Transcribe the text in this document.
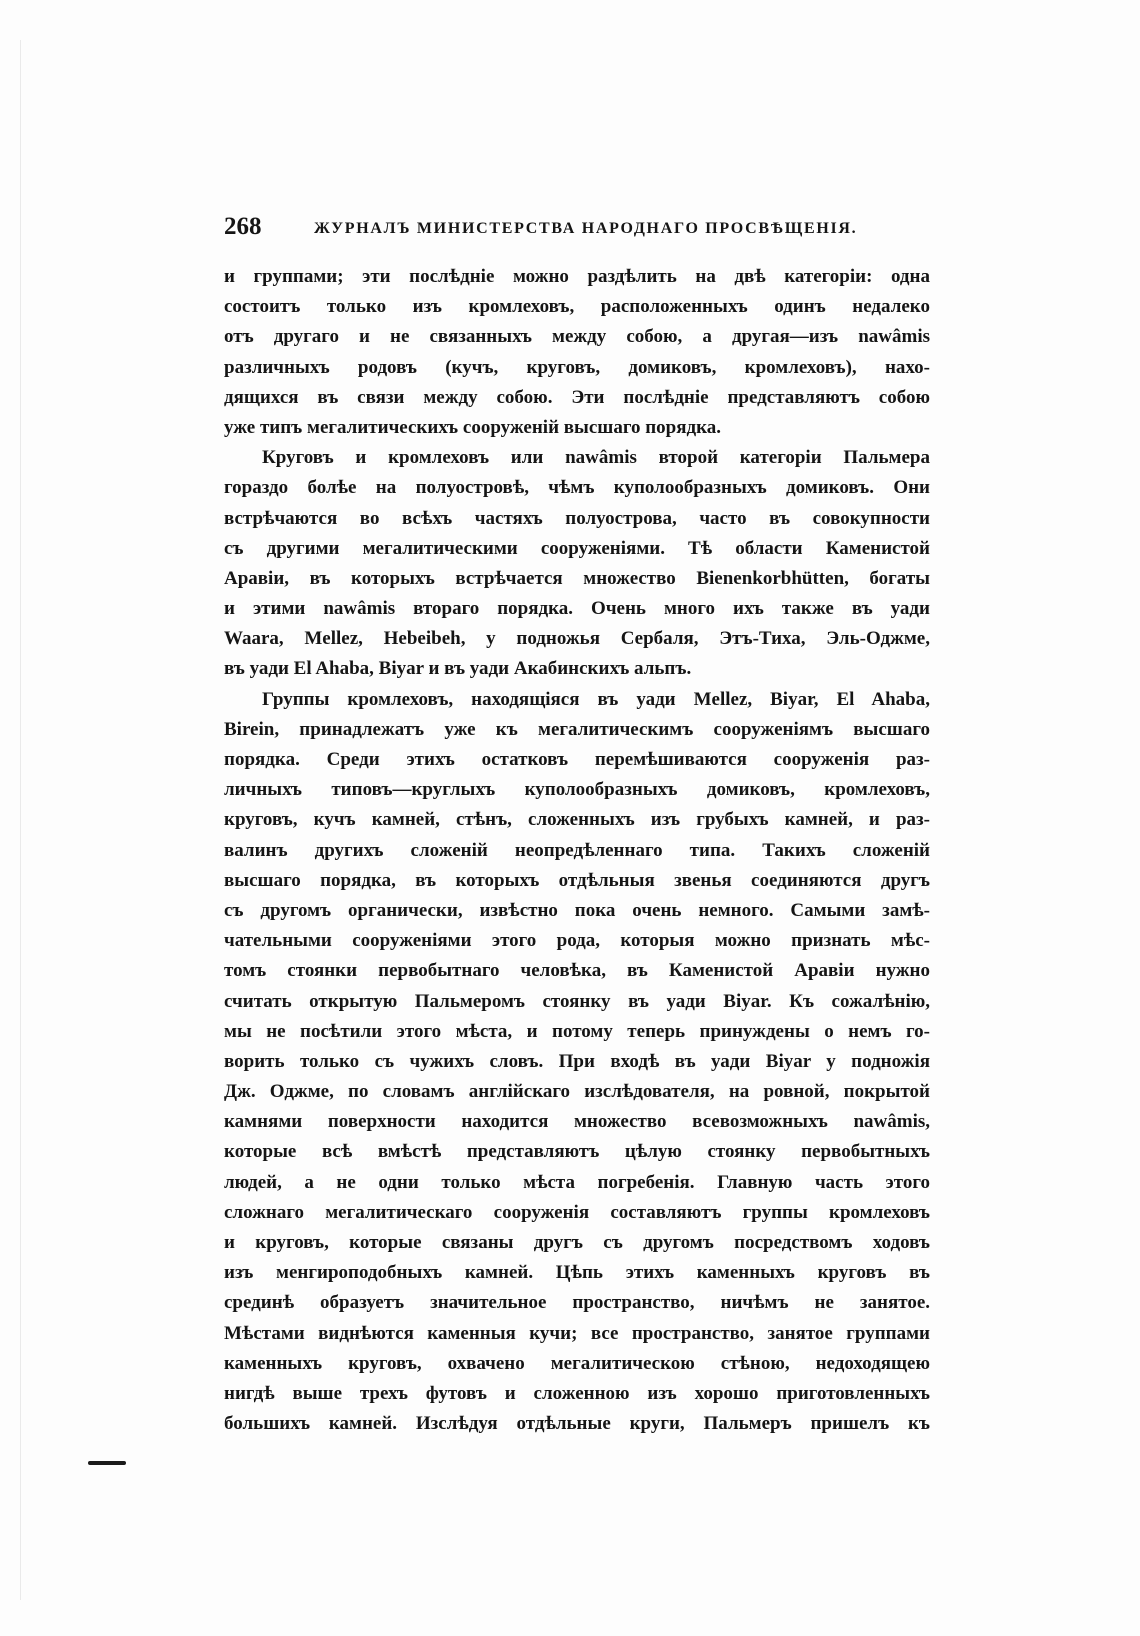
268	ЖУРНАЛЪ МИНИСТЕРСТВА НАРОДНАГО ПРОСВѢЩЕНІЯ.
и группами; эти послѣдніе можно раздѣлить на двѣ категоріи: одна
состоитъ только изъ кромлеховъ, расположенныхъ одинъ недалеко
отъ другаго и не связанныхъ между собою, а другая—изъ nawâmis
различныхъ родовъ (кучъ, круговъ, домиковъ, кромлеховъ), нахо-
дящихся въ связи между собою. Эти послѣдніе представляютъ собою
уже типъ мегалитическихъ сооруженій высшаго порядка.
Круговъ и кромлеховъ или nawâmis второй категоріи Пальмера
гораздо болѣе на полуостровѣ, чѣмъ куполообразныхъ домиковъ. Они
встрѣчаются во всѣхъ частяхъ полуострова, часто въ совокупности
съ другими мегалитическими сооруженіями. Тѣ области Каменистой
Аравіи, въ которыхъ встрѣчается множество Bienenkorbhütten, богаты
и этими nawâmis втораго порядка. Очень много ихъ также въ уади
Waara, Mellez, Hebeibeh, у подножья Сербаля, Этъ-Тиха, Эль-Оджме,
въ уади El Ahaba, Biyar и въ уади Акабинскихъ альпъ.
Группы кромлеховъ, находящіяся въ уади Mellez, Biyar, El Ahaba,
Birein, принадлежатъ уже къ мегалитическимъ сооруженіямъ высшаго
порядка. Среди этихъ остатковъ перемѣшиваются сооруженія раз-
личныхъ типовъ—круглыхъ куполообразныхъ домиковъ, кромлеховъ,
круговъ, кучъ камней, стѣнъ, сложенныхъ изъ грубыхъ камней, и раз-
валинъ другихъ сложеній неопредѣленнаго типа. Такихъ сложеній
высшаго порядка, въ которыхъ отдѣльныя звенья соединяются другъ
съ другомъ органически, извѣстно пока очень немного. Самыми замѣ-
чательными сооруженіями этого рода, которыя можно признать мѣс-
томъ стоянки первобытнаго человѣка, въ Каменистой Аравіи нужно
считать открытую Пальмеромъ стоянку въ уади Biyar. Къ сожалѣнію,
мы не посѣтили этого мѣста, и потому теперь принуждены о немъ го-
ворить только съ чужихъ словъ. При входѣ въ уади Biyar у подножія
Дж. Оджме, по словамъ англійскаго изслѣдователя, на ровной, покрытой
камнями поверхности находится множество всевозможныхъ nawâmis,
которые всѣ вмѣстѣ представляютъ цѣлую стоянку первобытныхъ
людей, а не одни только мѣста погребенія. Главную часть этого
сложнаго мегалитическаго сооруженія составляютъ группы кромлеховъ
и круговъ, которые связаны другъ съ другомъ посредствомъ ходовъ
изъ менгироподобныхъ камней. Цѣпь этихъ каменныхъ круговъ въ
срединѣ образуетъ значительное пространство, ничѣмъ не занятое.
Мѣстами виднѣются каменныя кучи; все пространство, занятое группами
каменныхъ круговъ, охвачено мегалитическою стѣною, недоходящею
нигдѣ выше трехъ футовъ и сложенною изъ хорошо приготовленныхъ
большихъ камней. Изслѣдуя отдѣльные круги, Пальмеръ пришелъ къ
